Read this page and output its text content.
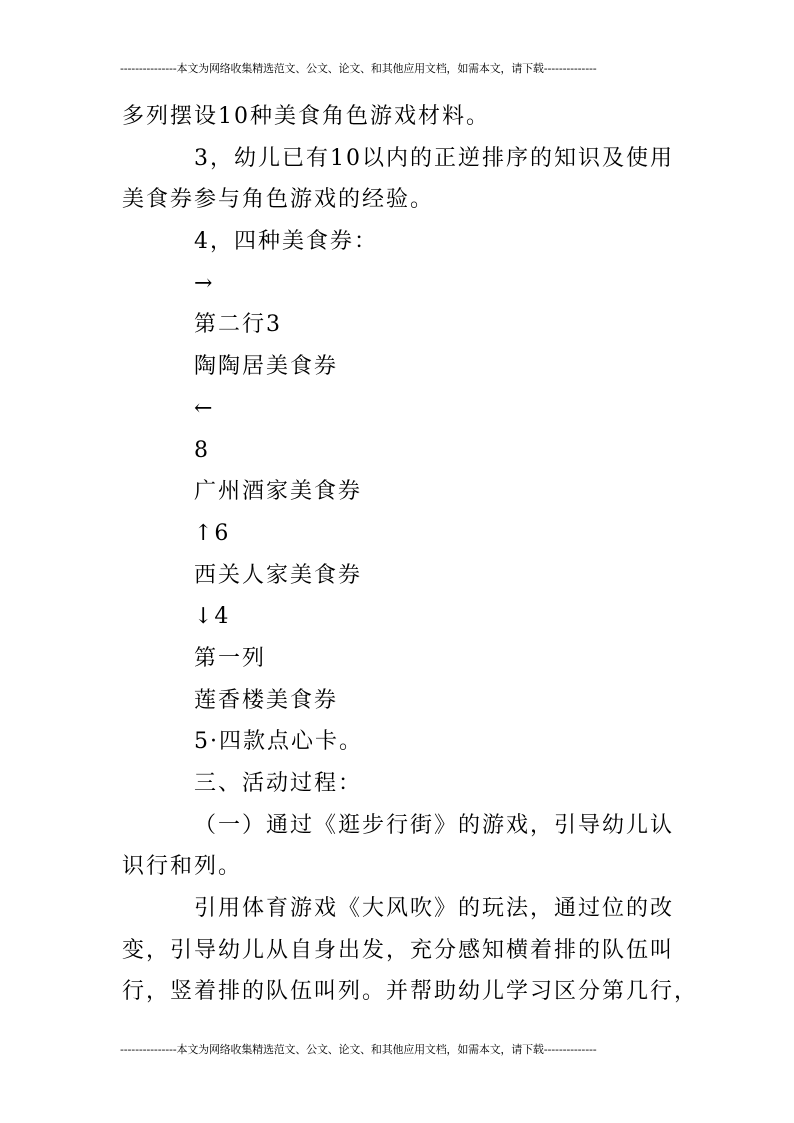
---------------本文为网络收集精选范文、公文、论文、和其他应用文档，如需本文，请下载--------------
多列摆设10种美食角色游戏材料。
3，幼儿已有10以内的正逆排序的知识及使用
美食券参与角色游戏的经验。
4，四种美食券：
→
第二行3
陶陶居美食券
←
8
广州酒家美食券
↑6
西关人家美食券
↓4
第一列
莲香楼美食券
5·四款点心卡。
三、活动过程：
（一）通过《逛步行街》的游戏，引导幼儿认
识行和列。
引用体育游戏《大风吹》的玩法，通过位的改
变，引导幼儿从自身出发，充分感知横着排的队伍叫
行，竖着排的队伍叫列。并帮助幼儿学习区分第几行，
---------------本文为网络收集精选范文、公文、论文、和其他应用文档，如需本文，请下载--------------
